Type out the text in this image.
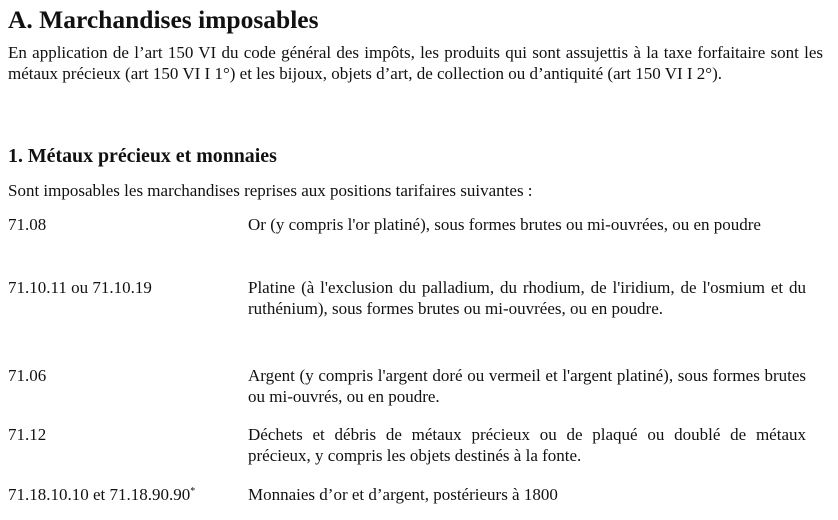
A. Marchandises imposables

En application de l’art 150 VI du code général des impôts, les produits qui sont assujettis à la taxe forfaitaire sont les métaux précieux (art 150 VI I 1°) et les bijoux, objets d’art, de collection ou d’antiquité (art 150 VI I 2°).

1. Métaux précieux et monnaies

Sont imposables les marchandises reprises aux positions tarifaires suivantes :

71.08	Or (y compris l'or platiné), sous formes brutes ou mi-ouvrées, ou en poudre
71.10.11 ou 71.10.19	Platine (à l'exclusion du palladium, du rhodium, de l'iridium, de l'osmium et du ruthénium), sous formes brutes ou mi-ouvrées, ou en poudre.
71.06	Argent (y compris l'argent doré ou vermeil et l'argent platiné), sous formes brutes ou mi-ouvrés, ou en poudre.
71.12	Déchets et débris de métaux précieux ou de plaqué ou doublé de métaux précieux, y compris les objets destinés à la fonte.
71.18.10.10 et 71.18.90.90*	Monnaies d’or et d’argent, postérieurs à 1800
